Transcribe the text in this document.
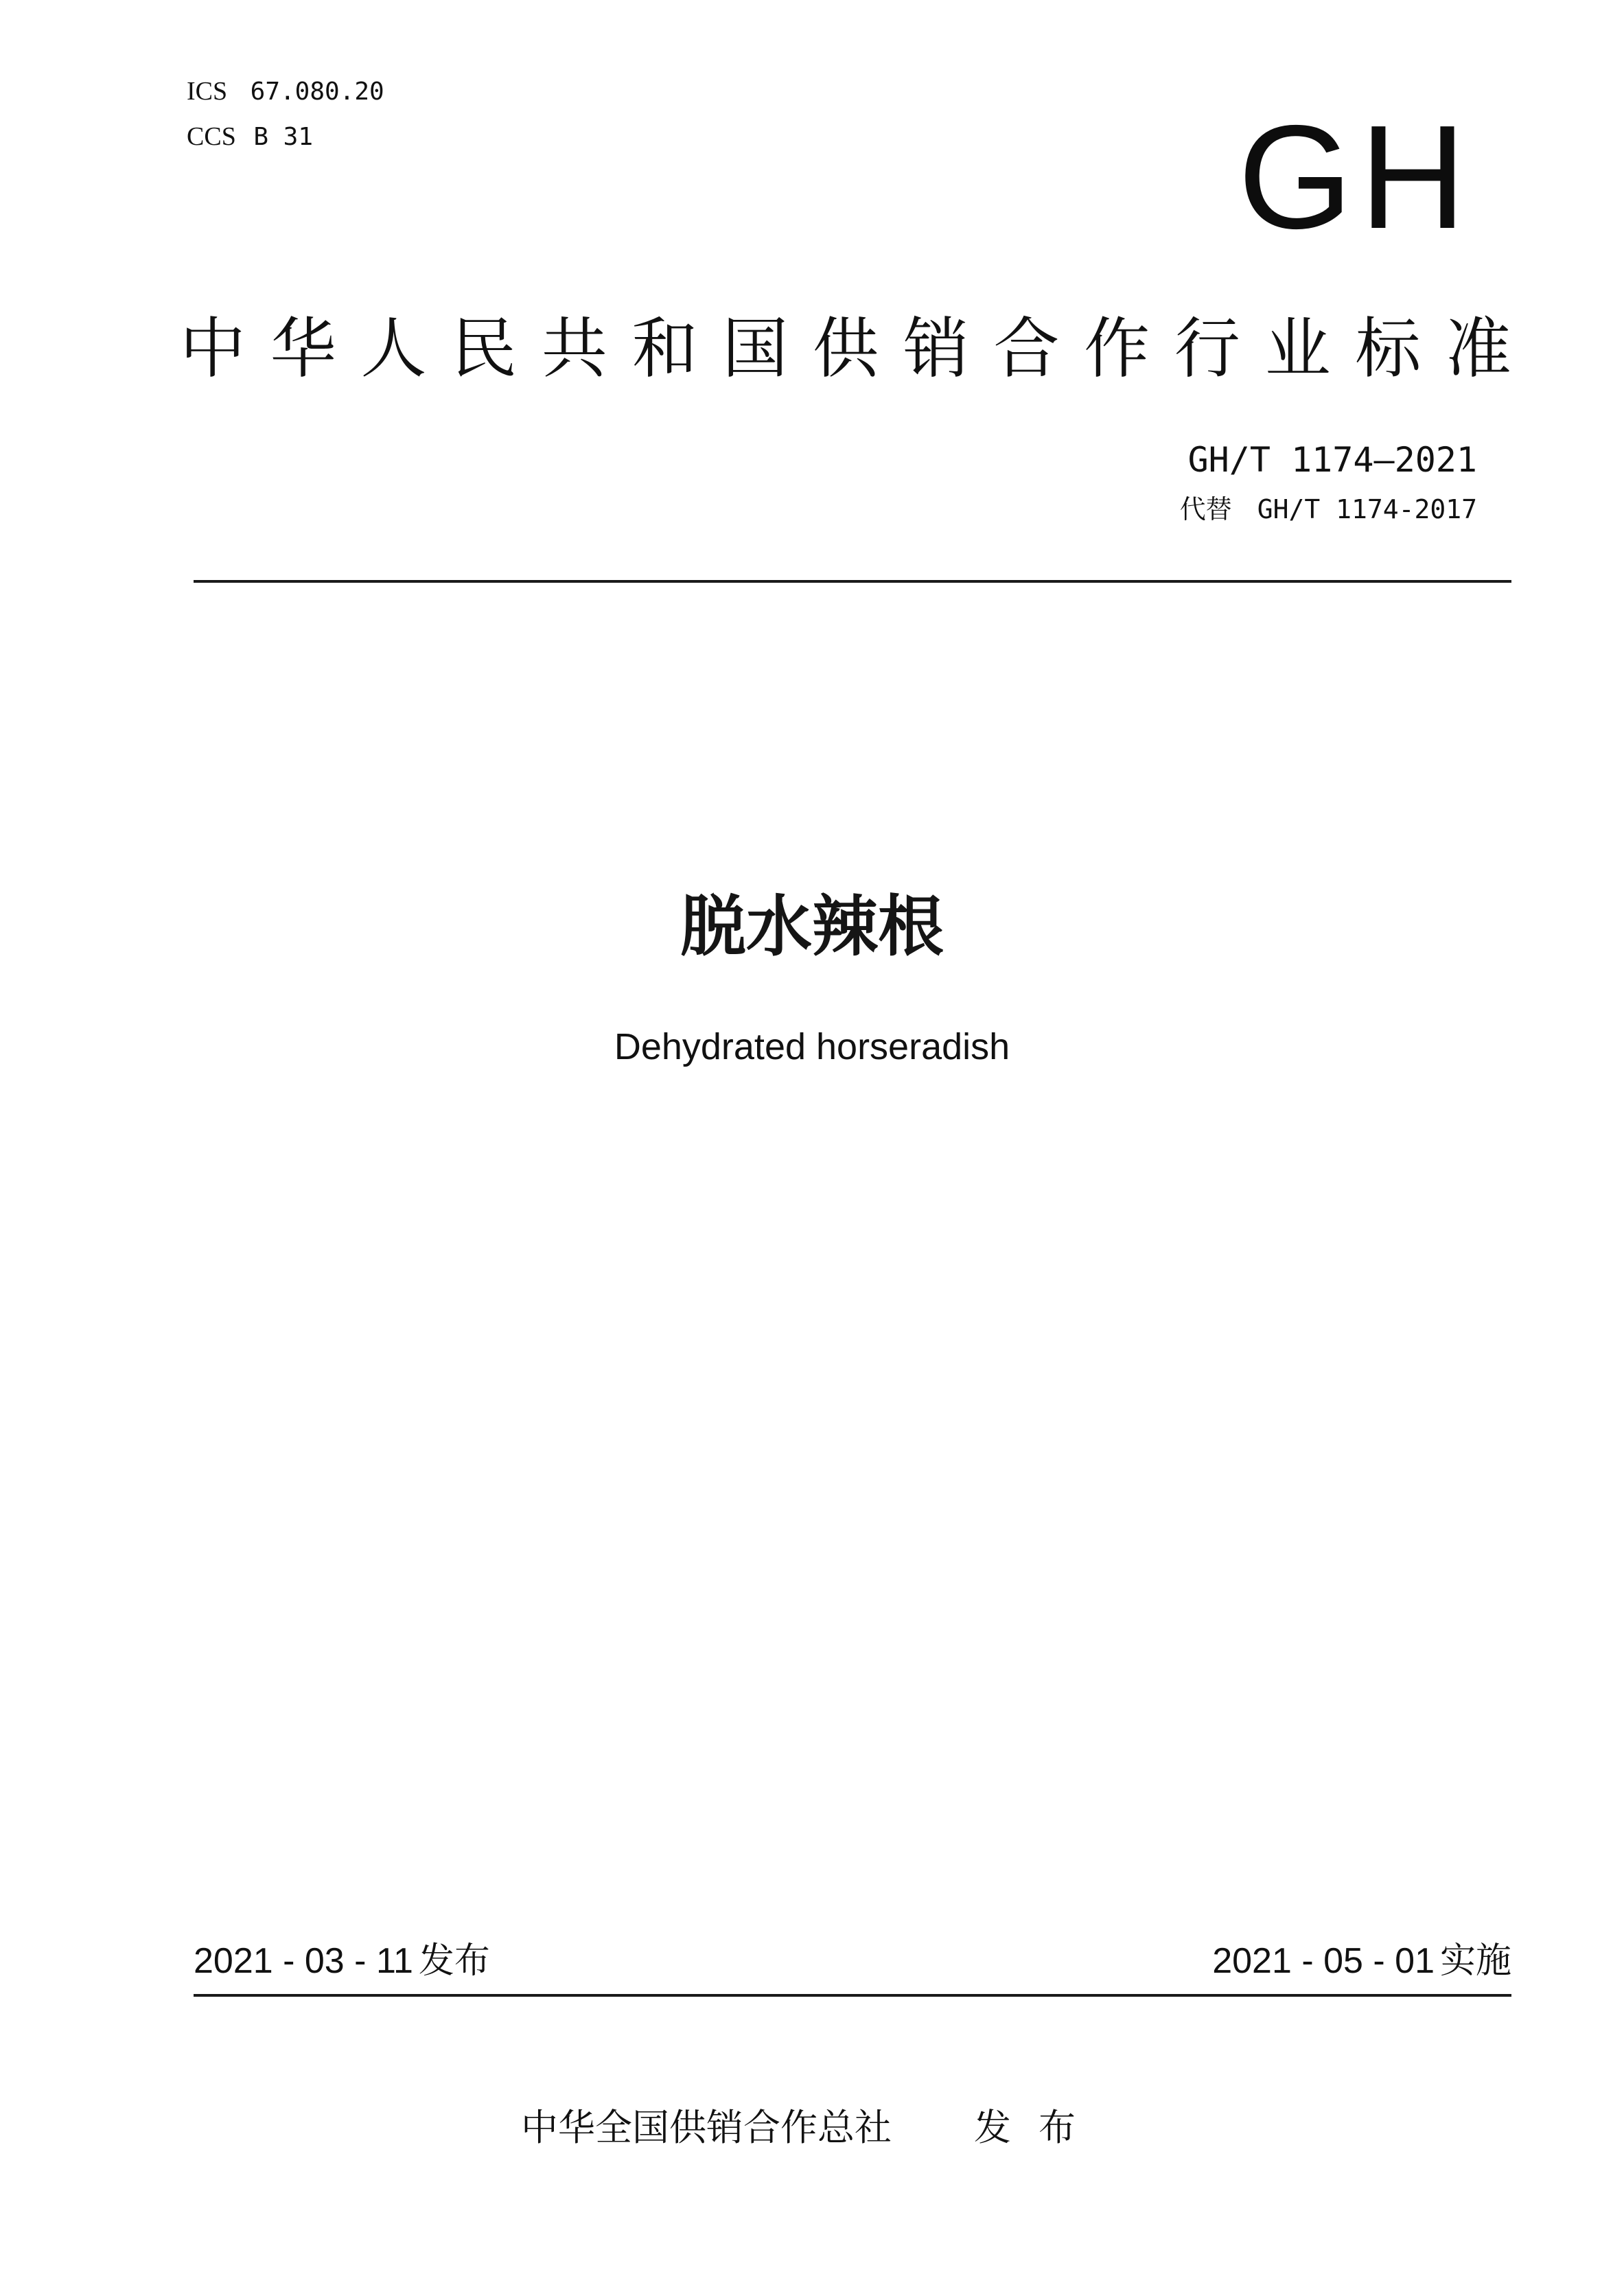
ICS 67.080.20
CCS B 31	GH
中华人民共和国供销合作行业标准
GH/T 1174—2021
代替 GH/T 1174-2017
脱水辣根
Dehydrated horseradish
2021 - 03 - 11 发布	2021 - 05 - 01 实施
中华全国供销合作总社 发布
